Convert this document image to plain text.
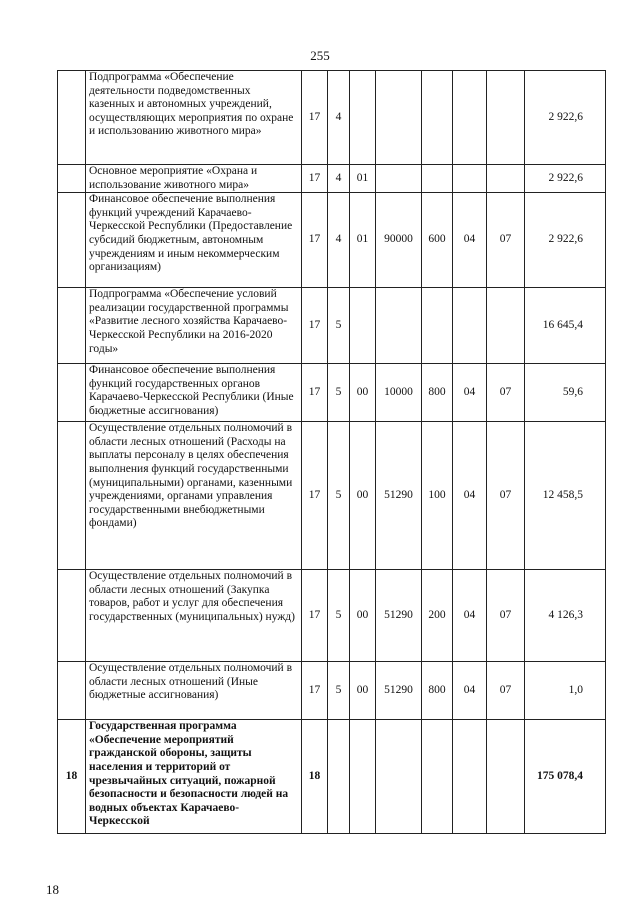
255
	Подпрограмма «Обеспечение деятельности подведомственных казенных и автономных учреждений, осуществляющих мероприятия по охране и использованию животного мира»	17	4						2 922,6
	Основное мероприятие «Охрана и использование животного мира»	17	4	01					2 922,6
	Финансовое обеспечение выполнения функций учреждений Карачаево-Черкесской Республики (Предоставление субсидий бюджетным, автономным учреждениям и иным некоммерческим организациям)	17	4	01	90000	600	04	07	2 922,6
	Подпрограмма «Обеспечение условий реализации государственной программы «Развитие лесного хозяйства Карачаево-Черкесской Республики на 2016-2020 годы»	17	5						16 645,4
	Финансовое обеспечение выполнения функций государственных органов Карачаево-Черкесской Республики (Иные бюджетные ассигнования)	17	5	00	10000	800	04	07	59,6
	Осуществление отдельных полномочий в области лесных отношений (Расходы на выплаты персоналу в целях обеспечения выполнения функций государственными (муниципальными) органами, казенными учреждениями, органами управления государственными внебюджетными фондами)	17	5	00	51290	100	04	07	12 458,5
	Осуществление отдельных полномочий в области лесных отношений (Закупка товаров, работ и услуг для обеспечения государственных (муниципальных) нужд)	17	5	00	51290	200	04	07	4 126,3
	Осуществление отдельных полномочий в области лесных отношений (Иные бюджетные ассигнования)	17	5	00	51290	800	04	07	1,0
18	Государственная программа «Обеспечение мероприятий гражданской обороны, защиты населения и территорий от чрезвычайных ситуаций, пожарной безопасности и безопасности людей на водных объектах Карачаево-Черкесской	18							175 078,4
18
